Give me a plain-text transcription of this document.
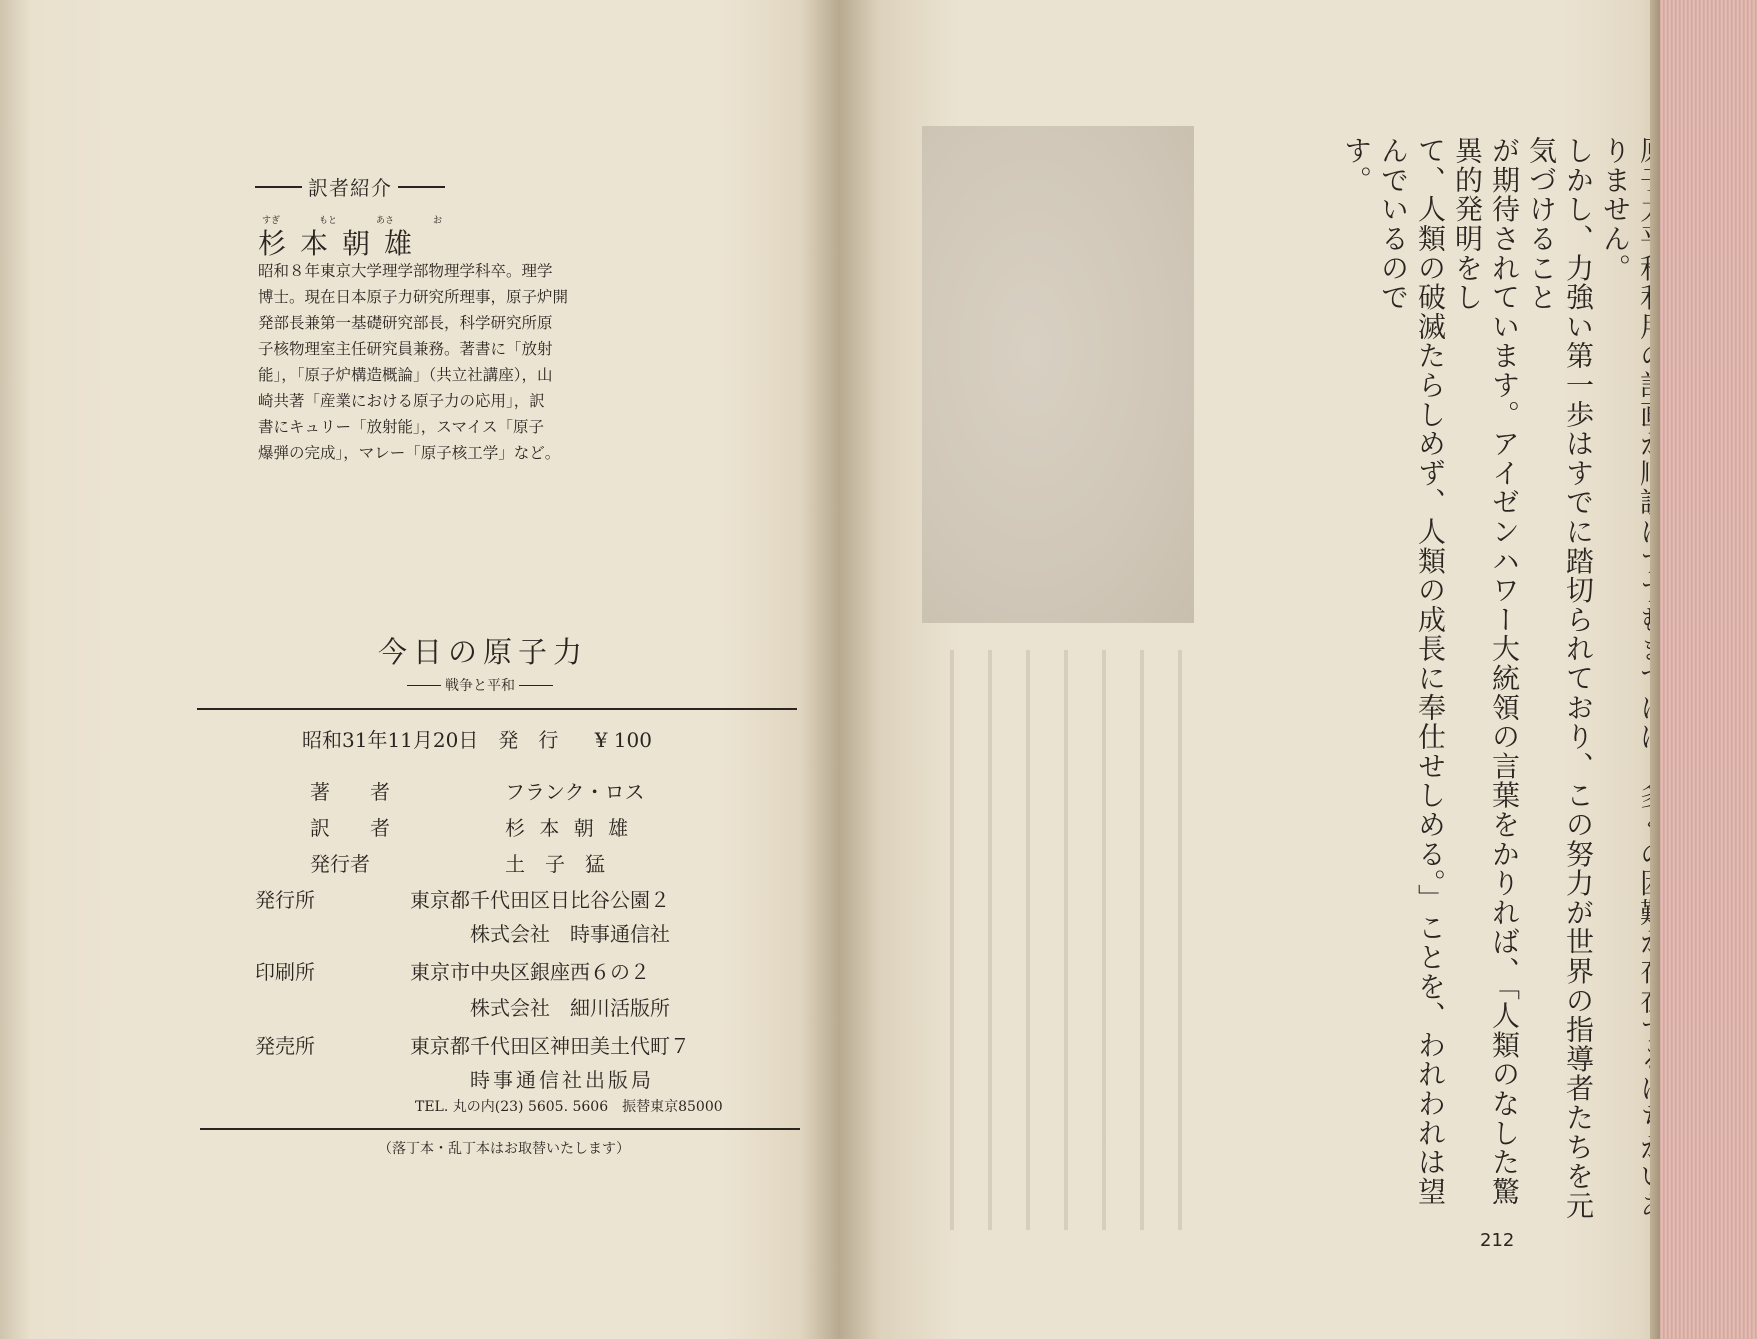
訳者紹介
すぎ	もと	あさ	お
杉本朝雄

昭和８年東京大学理学部物理学科卒。理学

博士。現在日本原子力研究所理事，原子炉開

発部長兼第一基礎研究部長，科学研究所原

子核物理室主任研究員兼務。著書に「放射

能」，「原子炉構造概論」（共立社講座），山

崎共著「産業における原子力の応用」，訳

書にキュリー「放射能」，スマイス「原子

爆弾の完成」，マレー「原子核工学」など。

今日の原子力
戦争と平和
昭和31年11月20日　発　行 ¥ 100
著　　者	フランク・ロス
訳　　者	杉 本 朝 雄
発行者	土　子　猛
発行所	東京都千代田区日比谷公園２
株式会社　時事通信社
印刷所	東京市中央区銀座西６の２
株式会社　細川活版所
発売所	東京都千代田区神田美土代町７
時事通信社出版局
TEL. 丸の内(23) 5605. 5606　振替東京85000
（落丁本・乱丁本はお取替いたします）

りません。

しかし、力強い第一歩はすでに踏切られており、この努力が世界の指導者たちを元気づけること

が期待されています。アイゼンハワー大統領の言葉をかりれば、「人類のなした驚異的発明をし

て、人類の破滅たらしめず、人類の成長に奉仕せしめる。」ことを、われわれは望んでいるので

す。

212
